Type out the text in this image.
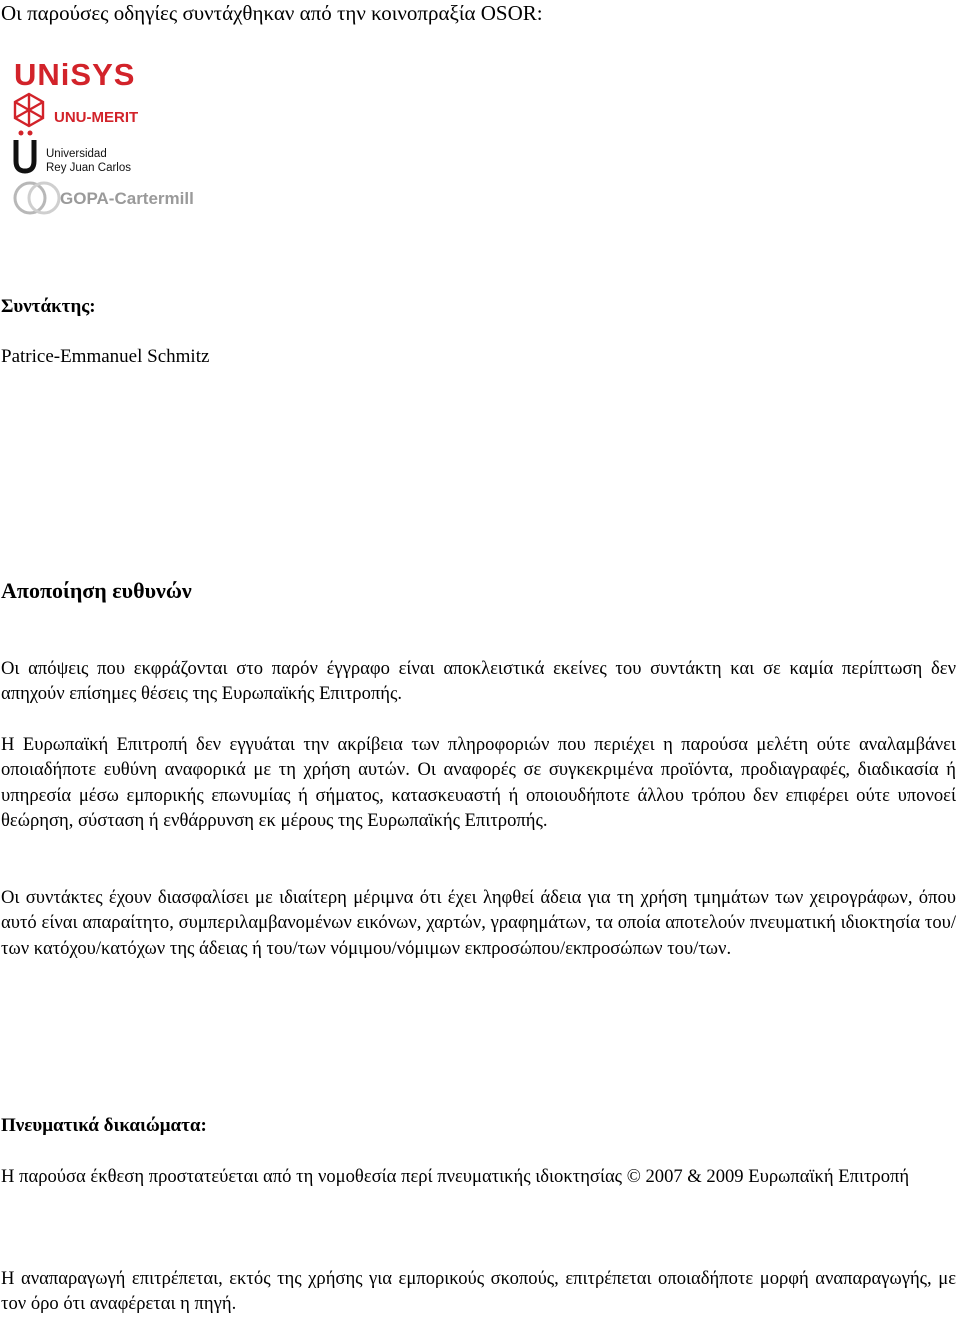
Οι παρούσες οδηγίες συντάχθηκαν από την κοινοπραξία OSOR:
UNiSYS
UNU-MERIT
Universidad
Rey Juan Carlos
GOPA-Cartermill
Συντάκτης:
Patrice-Emmanuel Schmitz
Αποποίηση ευθυνών
Οι απόψεις που εκφράζονται στο παρόν έγγραφο είναι αποκλειστικά εκείνες του συντάκτη και σε καμία περίπτωση δεν απηχούν επίσημες θέσεις της Ευρωπαϊκής Επιτροπής.
Η Ευρωπαϊκή Επιτροπή δεν εγγυάται την ακρίβεια των πληροφοριών που περιέχει η παρούσα μελέτη ούτε αναλαμβάνει οποιαδήποτε ευθύνη αναφορικά με τη χρήση αυτών. Οι αναφορές σε συγκεκριμένα προϊόντα, προδιαγραφές, διαδικασία ή υπηρεσία μέσω εμπορικής επωνυμίας ή σήματος, κατασκευαστή ή οποιουδήποτε άλλου τρόπου δεν επιφέρει ούτε υπονοεί θεώρηση, σύσταση ή ενθάρρυνση εκ μέρους της Ευρωπαϊκής Επιτροπής.
Οι συντάκτες έχουν διασφαλίσει με ιδιαίτερη μέριμνα ότι έχει ληφθεί άδεια για τη χρήση τμημάτων των χειρογράφων, όπου αυτό είναι απαραίτητο, συμπεριλαμβανομένων εικόνων, χαρτών, γραφημάτων, τα οποία αποτελούν πνευματική ιδιοκτησία του/των κατόχου/κατόχων της άδειας ή του/των νόμιμου/νόμιμων εκπροσώπου/εκπροσώπων του/των.
Πνευματικά δικαιώματα:
Η παρούσα έκθεση προστατεύεται από τη νομοθεσία περί πνευματικής ιδιοκτησίας © 2007 & 2009 Ευρωπαϊκή Επιτροπή
Η αναπαραγωγή επιτρέπεται, εκτός της χρήσης για εμπορικούς σκοπούς, επιτρέπεται οποιαδήποτε μορφή αναπαραγωγής, με τον όρο ότι αναφέρεται η πηγή.
